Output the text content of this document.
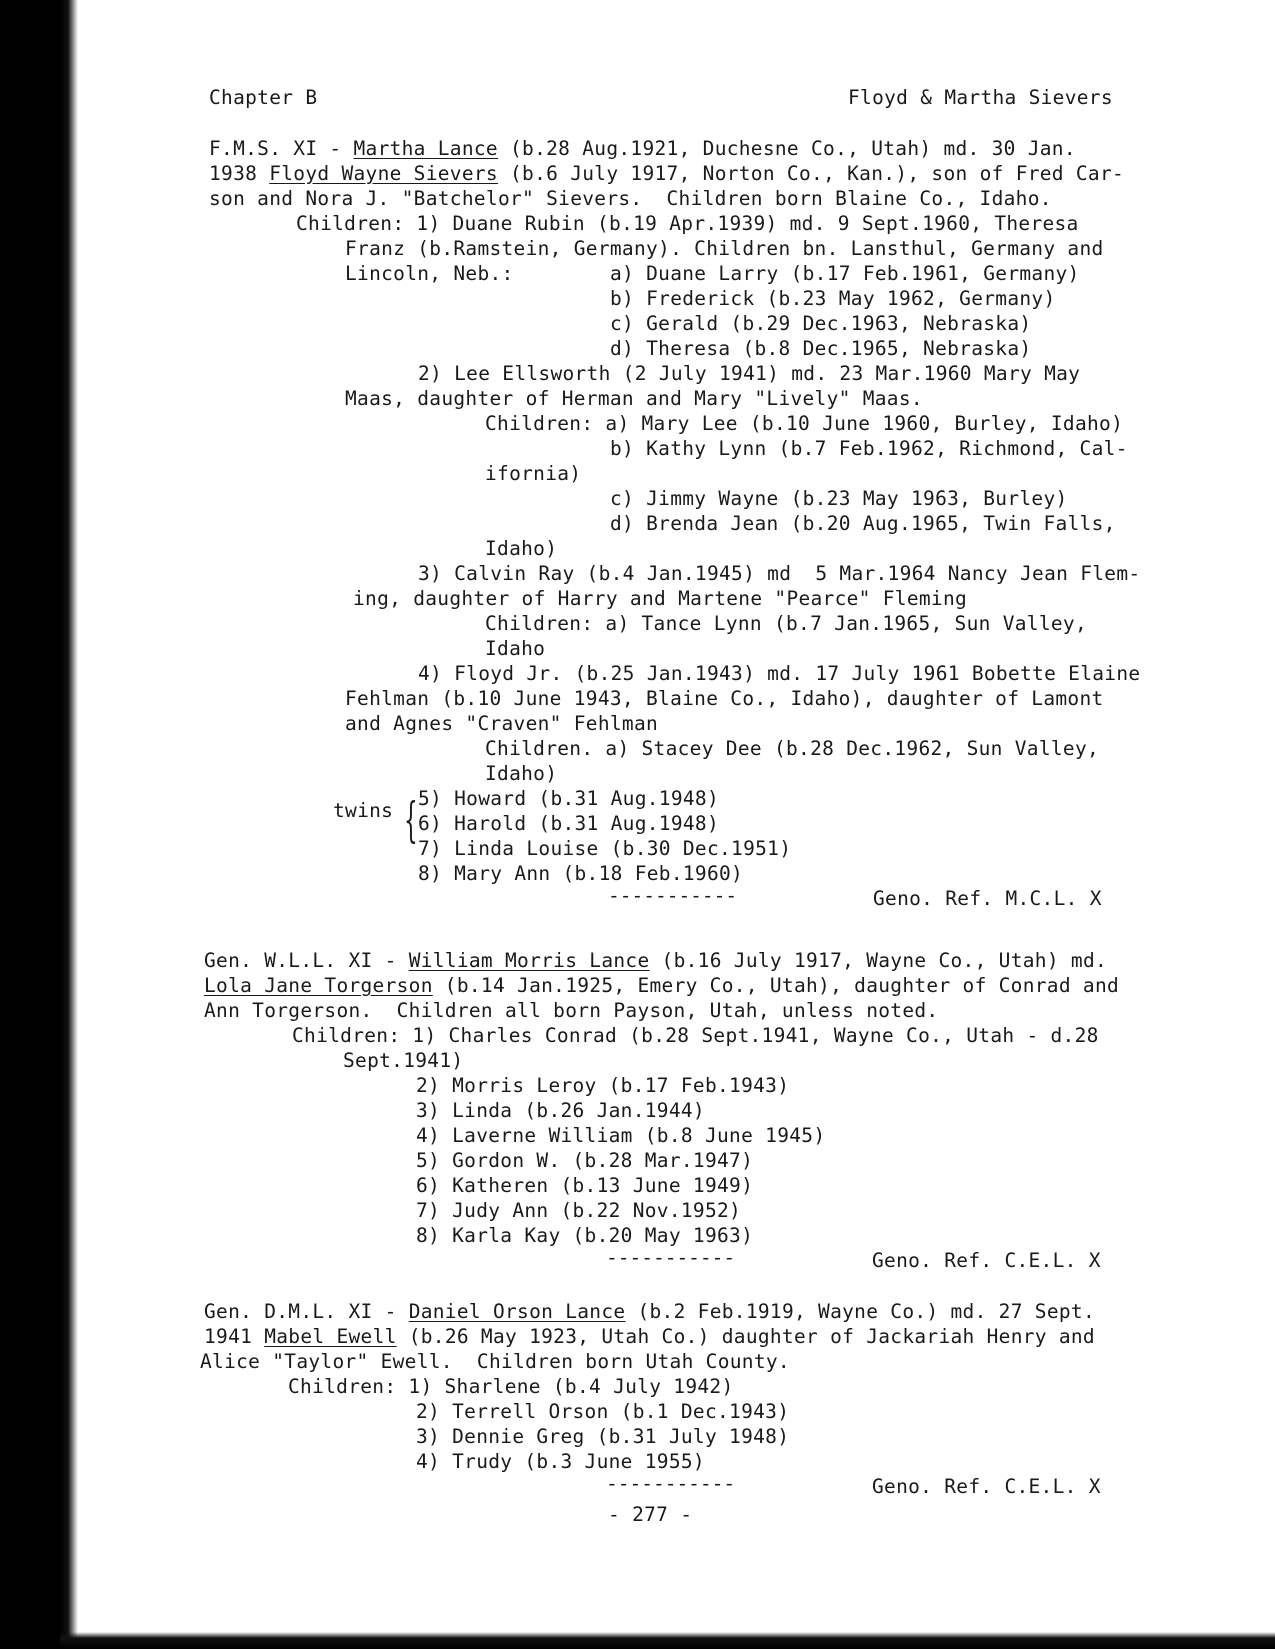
Chapter B	Floyd & Martha Sievers
F.M.S. XI - Martha Lance (b.28 Aug.1921, Duchesne Co., Utah) md. 30 Jan.
1938 Floyd Wayne Sievers (b.6 July 1917, Norton Co., Kan.), son of Fred Car-
son and Nora J. "Batchelor" Sievers.  Children born Blaine Co., Idaho.
Children: 1) Duane Rubin (b.19 Apr.1939) md. 9 Sept.1960, Theresa
Franz (b.Ramstein, Germany). Children bn. Lansthul, Germany and
Lincoln, Neb.:	a) Duane Larry (b.17 Feb.1961, Germany)
b) Frederick (b.23 May 1962, Germany)
c) Gerald (b.29 Dec.1963, Nebraska)
d) Theresa (b.8 Dec.1965, Nebraska)
2) Lee Ellsworth (2 July 1941) md. 23 Mar.1960 Mary May
Maas, daughter of Herman and Mary "Lively" Maas.
Children: a) Mary Lee (b.10 June 1960, Burley, Idaho)
b) Kathy Lynn (b.7 Feb.1962, Richmond, Cal-
ifornia)
c) Jimmy Wayne (b.23 May 1963, Burley)
d) Brenda Jean (b.20 Aug.1965, Twin Falls,
Idaho)
3) Calvin Ray (b.4 Jan.1945) md  5 Mar.1964 Nancy Jean Flem-
ing, daughter of Harry and Martene "Pearce" Fleming
Children: a) Tance Lynn (b.7 Jan.1965, Sun Valley,
Idaho
4) Floyd Jr. (b.25 Jan.1943) md. 17 July 1961 Bobette Elaine
Fehlman (b.10 June 1943, Blaine Co., Idaho), daughter of Lamont
and Agnes "Craven" Fehlman
Children. a) Stacey Dee (b.28 Dec.1962, Sun Valley,
Idaho)
5) Howard (b.31 Aug.1948)
twins { 6) Harold (b.31 Aug.1948)
7) Linda Louise (b.30 Dec.1951)
8) Mary Ann (b.18 Feb.1960)
-----------	Geno. Ref. M.C.L. X
Gen. W.L.L. XI - William Morris Lance (b.16 July 1917, Wayne Co., Utah) md.
Lola Jane Torgerson (b.14 Jan.1925, Emery Co., Utah), daughter of Conrad and
Ann Torgerson.  Children all born Payson, Utah, unless noted.
Children: 1) Charles Conrad (b.28 Sept.1941, Wayne Co., Utah - d.28
Sept.1941)
2) Morris Leroy (b.17 Feb.1943)
3) Linda (b.26 Jan.1944)
4) Laverne William (b.8 June 1945)
5) Gordon W. (b.28 Mar.1947)
6) Katheren (b.13 June 1949)
7) Judy Ann (b.22 Nov.1952)
8) Karla Kay (b.20 May 1963)
-----------	Geno. Ref. C.E.L. X
Gen. D.M.L. XI - Daniel Orson Lance (b.2 Feb.1919, Wayne Co.) md. 27 Sept.
1941 Mabel Ewell (b.26 May 1923, Utah Co.) daughter of Jackariah Henry and
Alice "Taylor" Ewell.  Children born Utah County.
Children: 1) Sharlene (b.4 July 1942)
2) Terrell Orson (b.1 Dec.1943)
3) Dennie Greg (b.31 July 1948)
4) Trudy (b.3 June 1955)
-----------	Geno. Ref. C.E.L. X
- 277 -
